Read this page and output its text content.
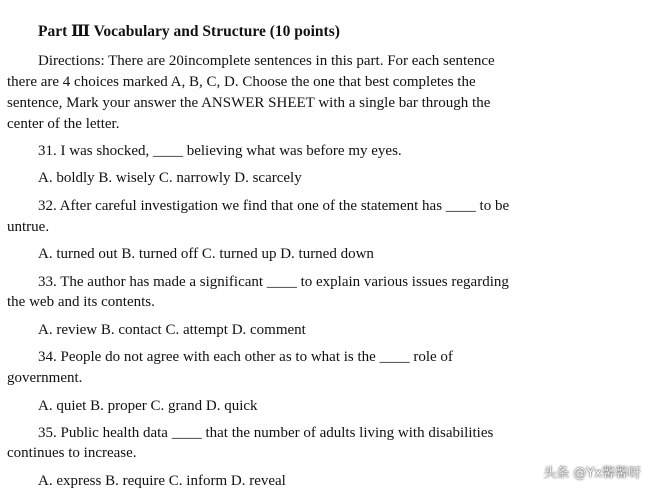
Part Ⅲ Vocabulary and Structure (10 points)
Directions: There are 20incomplete sentences in this part. For each sentence
there are 4 choices marked A, B, C, D. Choose the one that best completes the
sentence, Mark your answer the ANSWER SHEET with a single bar through the
center of the letter.
31. I was shocked, ____ believing what was before my eyes.
A. boldly B. wisely C. narrowly D. scarcely
32. After careful investigation we find that one of the statement has ____ to be
untrue.
A. turned out B. turned off C. turned up D. turned down
33. The author has made a significant ____ to explain various issues regarding
the web and its contents.
A. review B. contact C. attempt D. comment
34. People do not agree with each other as to what is the ____ role of
government.
A. quiet B. proper C. grand D. quick
35. Public health data ____ that the number of adults living with disabilities
continues to increase.
A. express B. require C. inform D. reveal	头条 @Yx馨馨呀
